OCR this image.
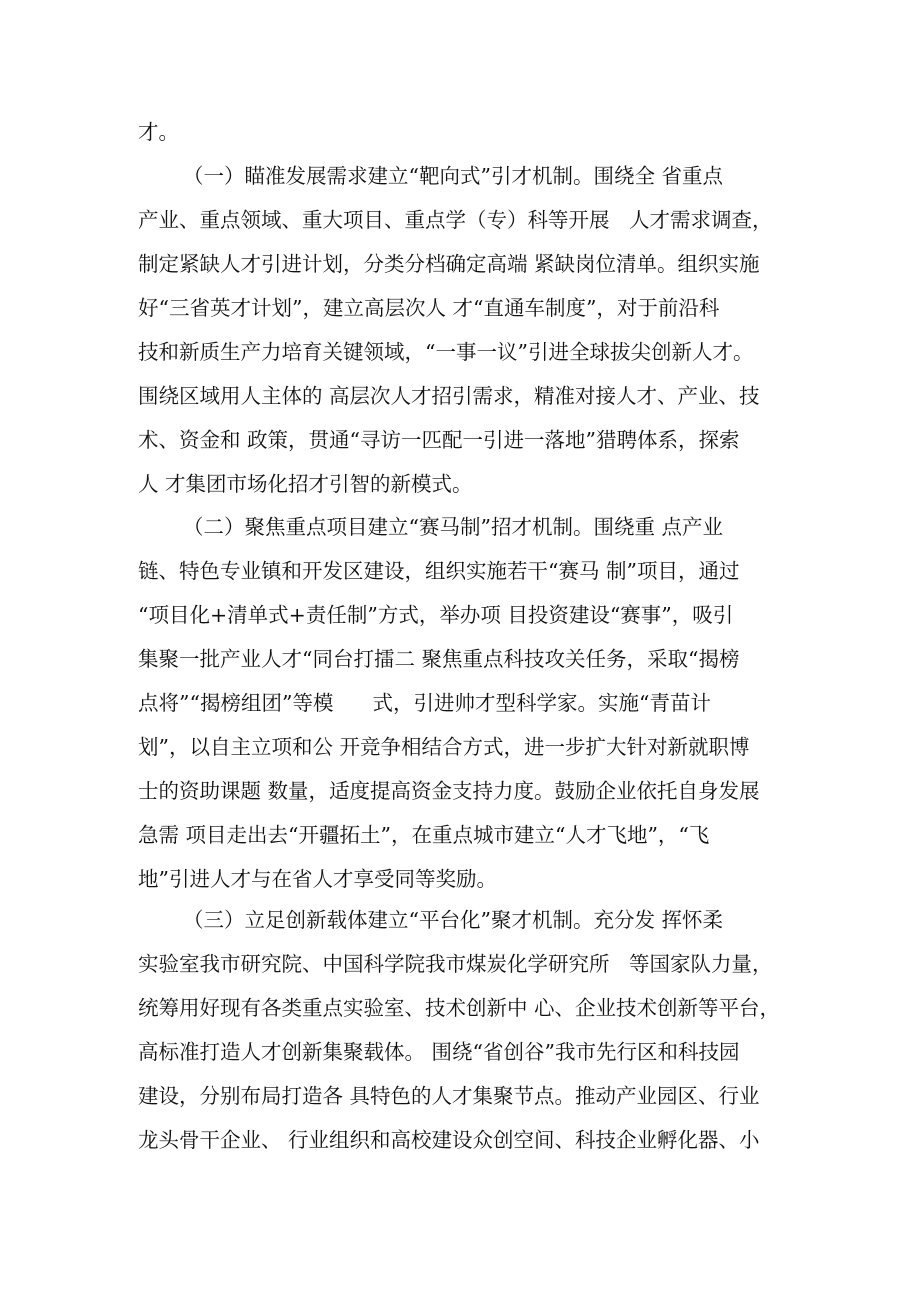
才。
（一）瞄准发展需求建立“靶向式”引才机制。围绕全 省重点
产业、重点领域、重大项目、重点学（专）科等开展   人才需求调查，
制定紧缺人才引进计划，分类分档确定高端 紧缺岗位清单。组织实施
好“三省英才计划”，建立高层次人 才“直通车制度”，对于前沿科
技和新质生产力培育关键领域，“一事一议”引进全球拔尖创新人才。
围绕区域用人主体的 高层次人才招引需求，精准对接人才、产业、技
术、资金和 政策，贯通“寻访一匹配一引进一落地”猎聘体系，探索
人 才集团市场化招才引智的新模式。
（二）聚焦重点项目建立“赛马制”招才机制。围绕重 点产业
链、特色专业镇和开发区建设，组织实施若干“赛马 制”项目，通过
“项目化+清单式+责任制”方式，举办项 目投资建设“赛事”，吸引
集聚一批产业人才“同台打擂二 聚焦重点科技攻关任务，采取“揭榜
点将”“揭榜组团”等模      式，引进帅才型科学家。实施“青苗计
划”，以自主立项和公 开竞争相结合方式，进一步扩大针对新就职博
士的资助课题 数量，适度提高资金支持力度。鼓励企业依托自身发展
急需 项目走出去“开疆拓土”，在重点城市建立“人才飞地”，“飞
地”引进人才与在省人才享受同等奖励。
（三）立足创新载体建立“平台化”聚才机制。充分发 挥怀柔
实验室我市研究院、中国科学院我市煤炭化学研究所   等国家队力量，
统筹用好现有各类重点实验室、技术创新中 心、企业技术创新等平台，
高标准打造人才创新集聚载体。 围绕“省创谷”我市先行区和科技园
建设，分别布局打造各 具特色的人才集聚节点。推动产业园区、行业
龙头骨干企业、 行业组织和高校建设众创空间、科技企业孵化器、小
